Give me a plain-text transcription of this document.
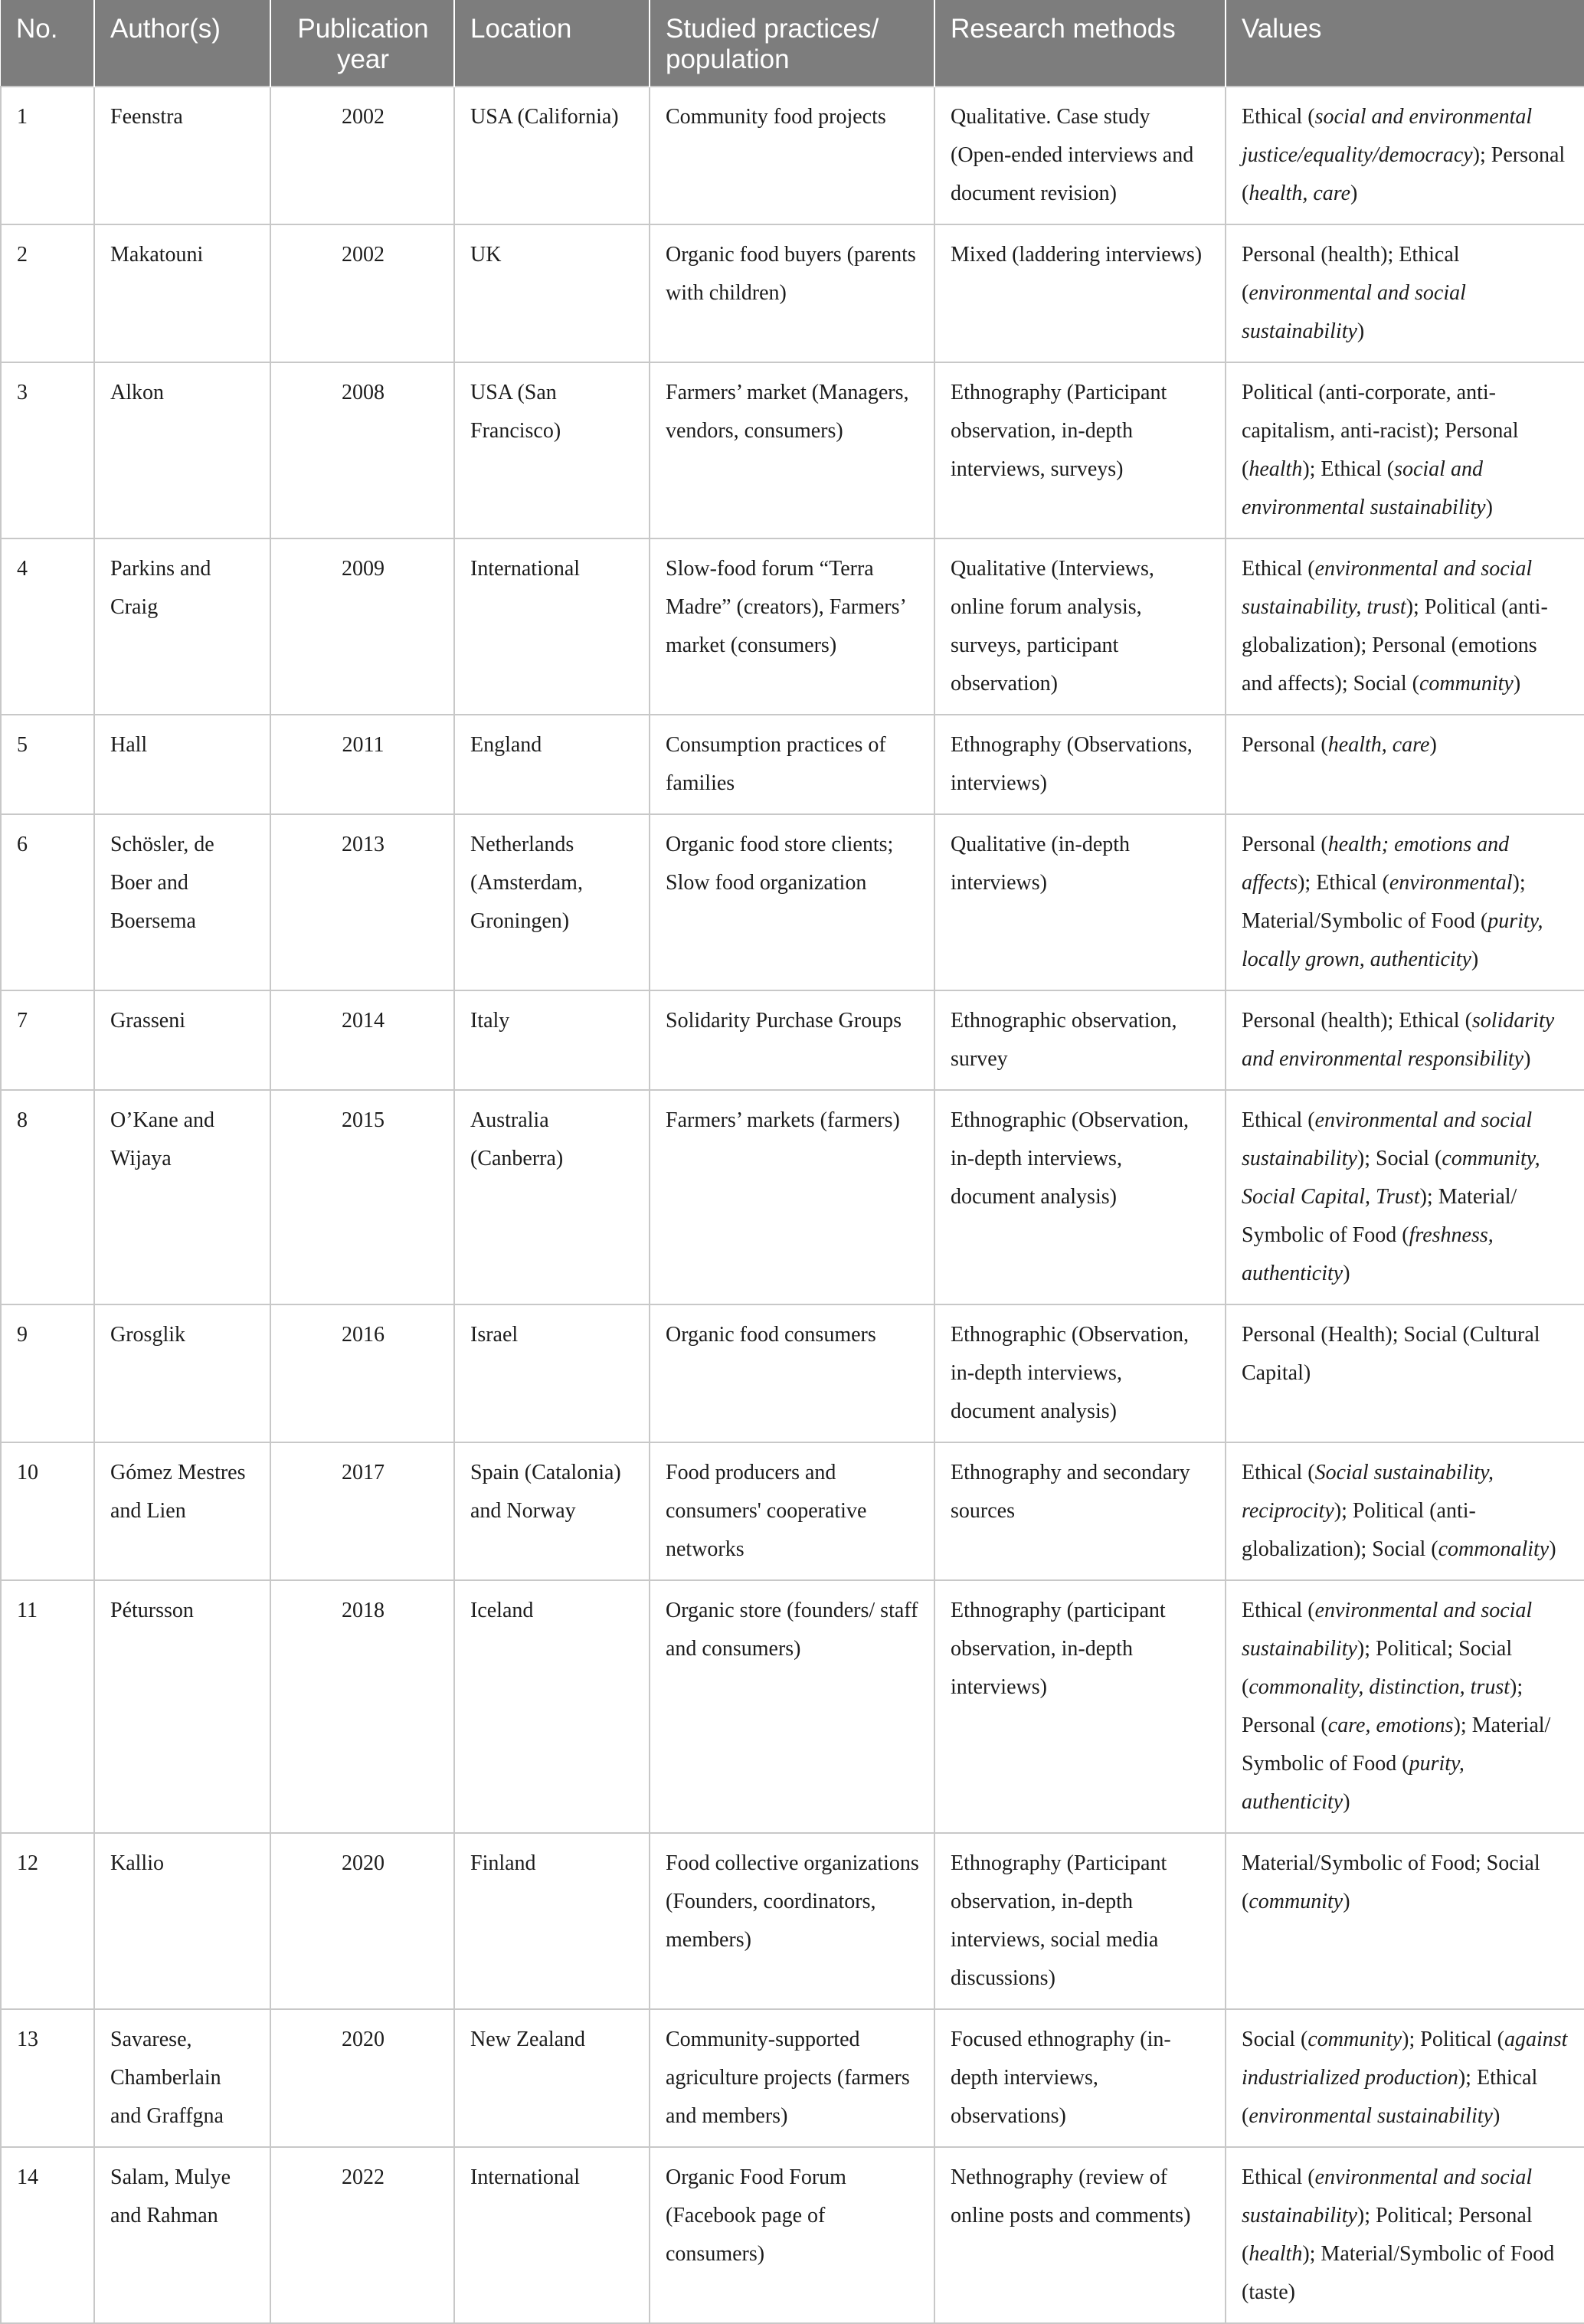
No.	Author(s)	Publication year	Location	Studied practices/ population	Research methods	Values
1	Feenstra	2002	USA (California)	Community food projects	Qualitative. Case study (Open-ended interviews and document revision)	Ethical (social and environmental justice/equality/democracy); Personal (health, care)
2	Makatouni	2002	UK	Organic food buyers (parents with children)	Mixed (laddering interviews)	Personal (health); Ethical (environmental and social sustainability)
3	Alkon	2008	USA (San Francisco)	Farmers’ market (Managers, vendors, consumers)	Ethnography (Participant observation, in-depth interviews, surveys)	Political (anti-corporate, anti-capitalism, anti-racist); Personal (health); Ethical (social and environmental sustainability)
4	Parkins and Craig	2009	International	Slow-food forum “Terra Madre” (creators), Farmers’ market (consumers)	Qualitative (Interviews, online forum analysis, surveys, participant observation)	Ethical (environmental and social sustainability, trust); Political (anti-globalization); Personal (emotions and affects); Social (community)
5	Hall	2011	England	Consumption practices of families	Ethnography (Observations, interviews)	Personal (health, care)
6	Schösler, de Boer and Boersema	2013	Netherlands (Amsterdam, Groningen)	Organic food store clients; Slow food organization	Qualitative (in-depth interviews)	Personal (health; emotions and affects); Ethical (environmental); Material/Symbolic of Food (purity, locally grown, authenticity)
7	Grasseni	2014	Italy	Solidarity Purchase Groups	Ethnographic observation, survey	Personal (health); Ethical (solidarity and environmental responsibility)
8	O’Kane and Wijaya	2015	Australia (Canberra)	Farmers’ markets (farmers)	Ethnographic (Observation, in-depth interviews, document analysis)	Ethical (environmental and social sustainability); Social (community, Social Capital, Trust); Material/ Symbolic of Food (freshness, authenticity)
9	Grosglik	2016	Israel	Organic food consumers	Ethnographic (Observation, in-depth interviews, document analysis)	Personal (Health); Social (Cultural Capital)
10	Gómez Mestres and Lien	2017	Spain (Catalonia) and Norway	Food producers and consumers' cooperative networks	Ethnography and secondary sources	Ethical (Social sustainability, reciprocity); Political (anti-globalization); Social (commonality)
11	Pétursson	2018	Iceland	Organic store (founders/ staff and consumers)	Ethnography (participant observation, in-depth interviews)	Ethical (environmental and social sustainability); Political; Social (commonality, distinction, trust); Personal (care, emotions); Material/ Symbolic of Food (purity, authenticity)
12	Kallio	2020	Finland	Food collective organizations (Founders, coordinators, members)	Ethnography (Participant observation, in-depth interviews, social media discussions)	Material/Symbolic of Food; Social (community)
13	Savarese, Chamberlain and Graffgna	2020	New Zealand	Community-supported agriculture projects (farmers and members)	Focused ethnography (in-depth interviews, observations)	Social (community); Political (against industrialized production); Ethical (environmental sustainability)
14	Salam, Mulye and Rahman	2022	International	Organic Food Forum (Facebook page of consumers)	Nethnography (review of online posts and comments)	Ethical (environmental and social sustainability); Political; Personal (health); Material/Symbolic of Food (taste)
